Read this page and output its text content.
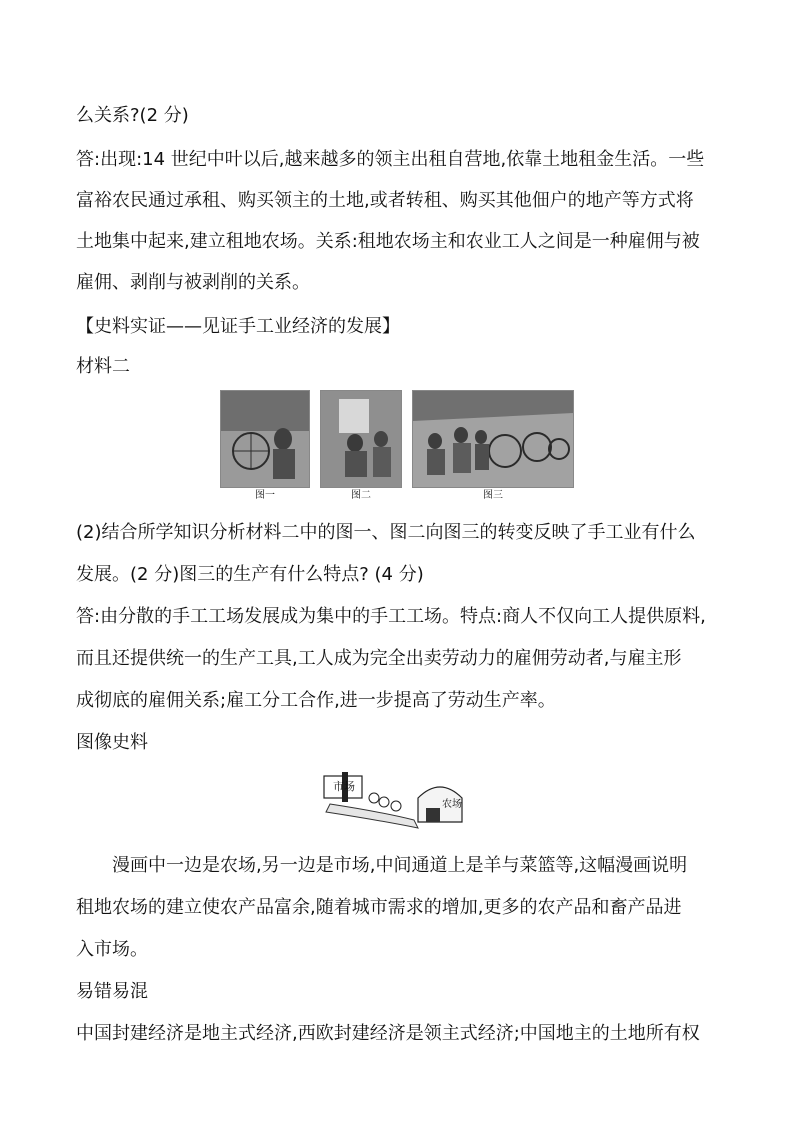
么关系?(2 分)
答:出现:14 世纪中叶以后,越来越多的领主出租自营地,依靠土地租金生活。一些
富裕农民通过承租、购买领主的土地,或者转租、购买其他佃户的地产等方式将
土地集中起来,建立租地农场。关系:租地农场主和农业工人之间是一种雇佣与被
雇佣、剥削与被剥削的关系。
【史料实证——见证手工业经济的发展】
材料二
(2)结合所学知识分析材料二中的图一、图二向图三的转变反映了手工业有什么
发展。(2 分)图三的生产有什么特点? (4 分)
答:由分散的手工工场发展成为集中的手工工场。特点:商人不仅向工人提供原料,
而且还提供统一的生产工具,工人成为完全出卖劳动力的雇佣劳动者,与雇主形
成彻底的雇佣关系;雇工分工合作,进一步提高了劳动生产率。
图像史料
漫画中一边是农场,另一边是市场,中间通道上是羊与菜篮等,这幅漫画说明
租地农场的建立使农产品富余,随着城市需求的增加,更多的农产品和畜产品进
入市场。
易错易混
中国封建经济是地主式经济,西欧封建经济是领主式经济;中国地主的土地所有权
图一	图二	图三
市场
农场
